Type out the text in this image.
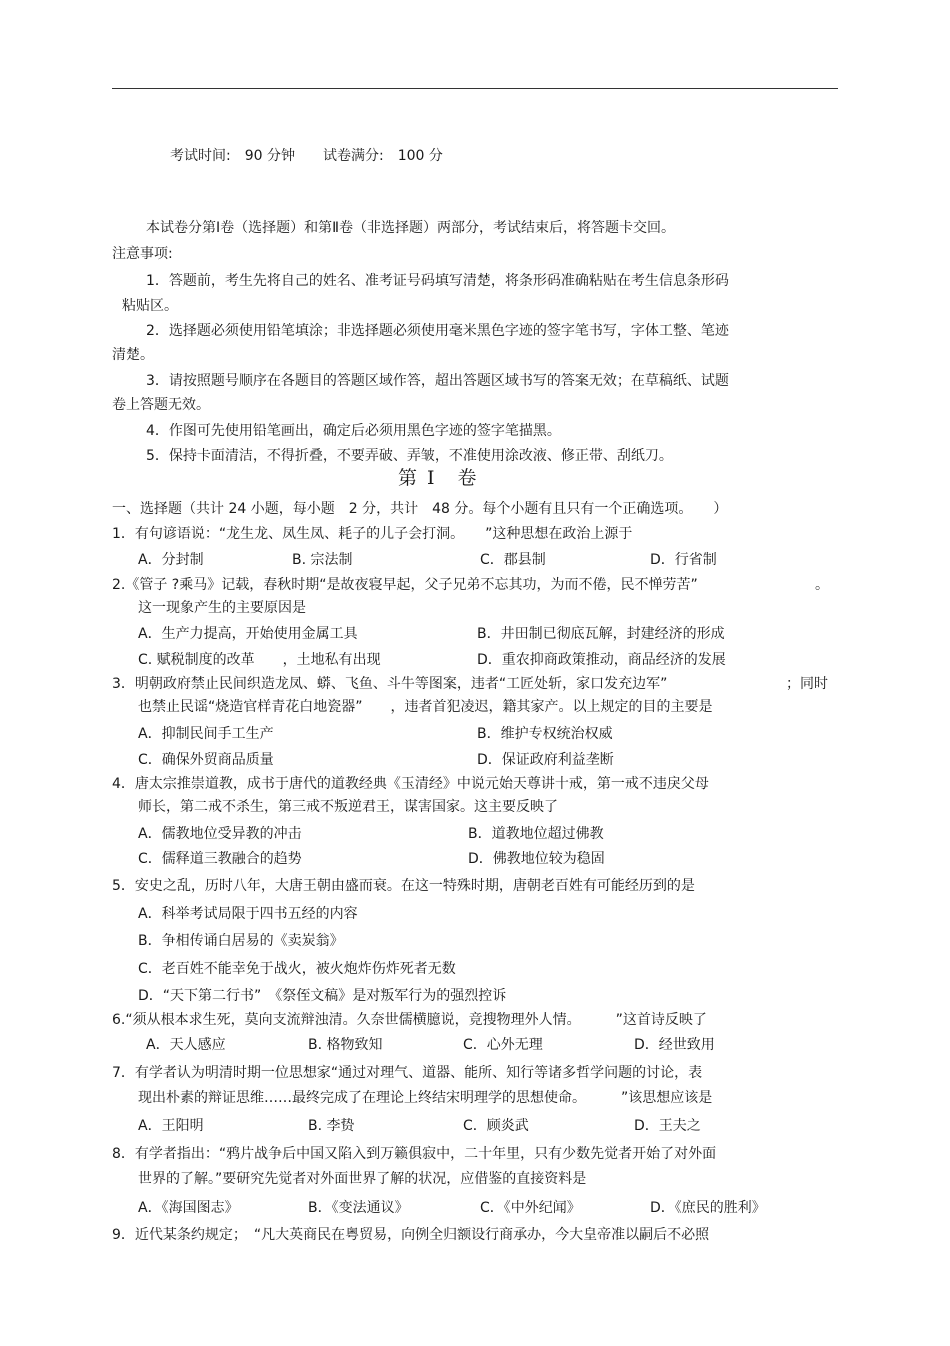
考试时间:　90 分钟　　试卷满分:　100 分
本试卷分第Ⅰ卷（选择题）和第Ⅱ卷（非选择题）两部分，考试结束后，将答题卡交回。
注意事项:
1．答题前，考生先将自己的姓名、准考证号码填写清楚，将条形码准确粘贴在考生信息条形码
粘贴区。
2．选择题必须使用铅笔填涂；非选择题必须使用毫米黑色字迹的签字笔书写，字体工整、笔迹
清楚。
3．请按照题号顺序在各题目的答题区域作答，超出答题区域书写的答案无效；在草稿纸、试题
卷上答题无效。
4．作图可先使用铅笔画出，确定后必须用黑色字迹的签字笔描黑。
5．保持卡面清洁，不得折叠，不要弄破、弄皱，不准使用涂改液、修正带、刮纸刀。
第 Ⅰ　卷
一、选择题（共计 24 小题，每小题　2 分，共计　48 分。每个小题有且只有一个正确选项。　　）
1．有句谚语说：“龙生龙、凤生凤、耗子的儿子会打洞。　　”这种思想在政治上源于
A．分封制	B. 宗法制	C．郡县制	D．行省制
2.《管子 ?乘马》记载，春秋时期“是故夜寝早起，父子兄弟不忘其功，为而不倦，民不惮劳苦”	。
这一现象产生的主要原因是
A．生产力提高，开始使用金属工具	B．井田制已彻底瓦解，封建经济的形成
C. 赋税制度的改革　　，土地私有出现	D．重农抑商政策推动，商品经济的发展
3．明朝政府禁止民间织造龙凤、蟒、飞鱼、斗牛等图案，违者“工匠处斩，家口发充边军”	；同时
也禁止民谣“烧造官样青花白地瓷器”　　，违者首犯凌迟，籍其家产。以上规定的目的主要是
A．抑制民间手工生产	B．维护专权统治权威
C．确保外贸商品质量	D．保证政府利益垄断
4．唐太宗推崇道教，成书于唐代的道教经典《玉清经》中说元始天尊讲十戒，第一戒不违戾父母
师长，第二戒不杀生，第三戒不叛逆君王，谋害国家。这主要反映了
A．儒教地位受异教的冲击	B．道教地位超过佛教
C．儒释道三教融合的趋势	D．佛教地位较为稳固
5．安史之乱，历时八年，大唐王朝由盛而衰。在这一特殊时期，唐朝老百姓有可能经历到的是
A．科举考试局限于四书五经的内容
B．争相传诵白居易的《卖炭翁》
C．老百姓不能幸免于战火，被火炮炸伤炸死者无数
D．“天下第二行书”　《祭侄文稿》是对叛军行为的强烈控诉
6.“须从根本求生死，莫向支流辩浊清。久奈世儒横臆说，竞搜物理外人情。　　　”这首诗反映了
A．天人感应	B. 格物致知	C．心外无理	D．经世致用
7．有学者认为明清时期一位思想家“通过对理气、道器、能所、知行等诸多哲学问题的讨论，表
现出朴素的辩证思维……最终完成了在理论上终结宋明理学的思想使命。　　　”该思想应该是
A．王阳明	B. 李贽	C．顾炎武	D．王夫之
8．有学者指出：“鸦片战争后中国又陷入到万籁俱寂中，二十年里，只有少数先觉者开始了对外面
世界的了解。”要研究先觉者对外面世界了解的状况，应借鉴的直接资料是
A．《海国图志》	B．《变法通议》	C．《中外纪闻》	D．《庶民的胜利》
9．近代某条约规定；　“凡大英商民在粤贸易，向例全归额设行商承办，今大皇帝准以嗣后不必照
